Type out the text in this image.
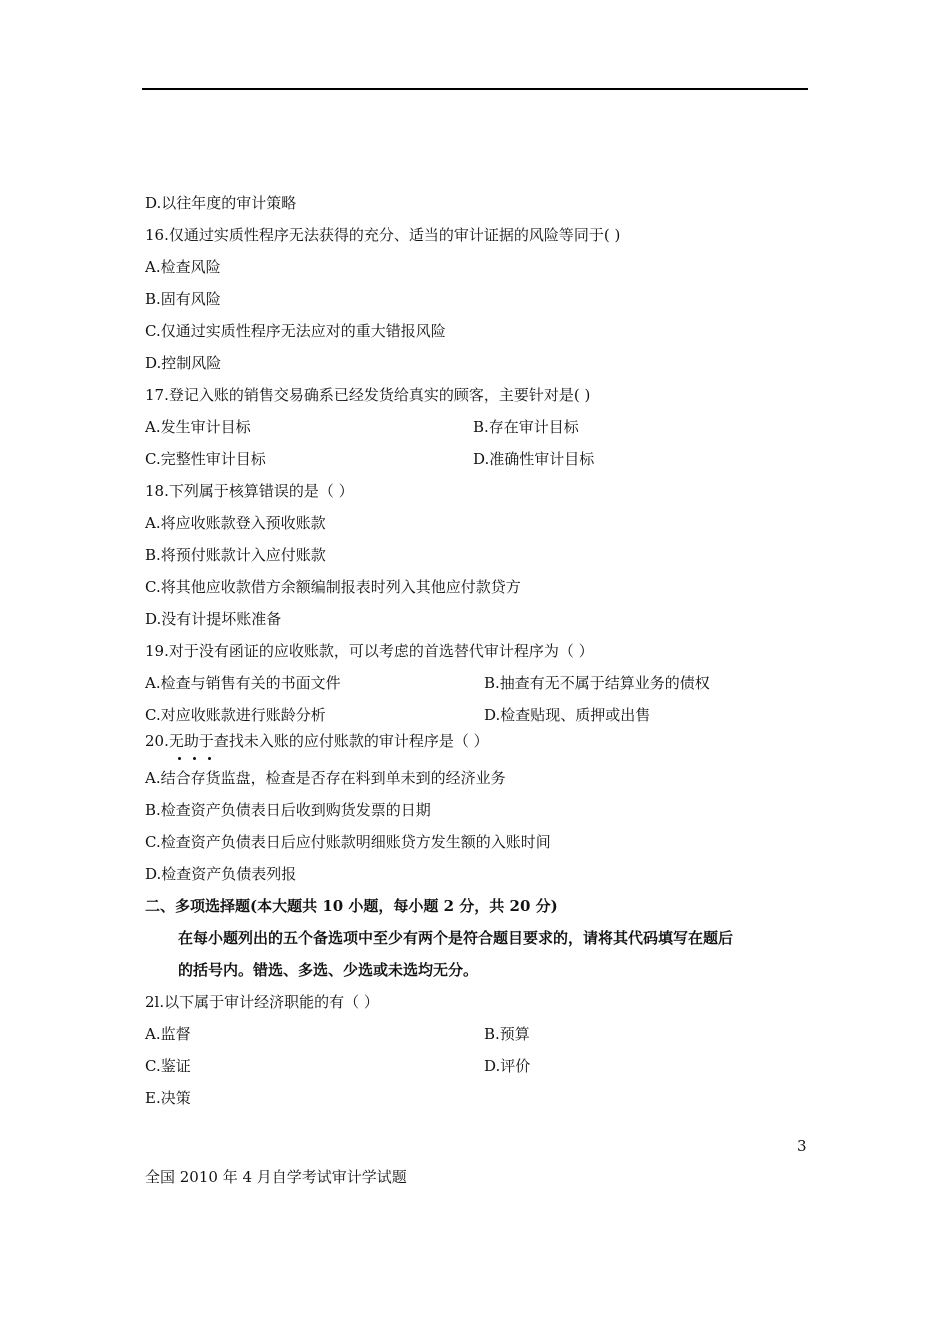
D.以往年度的审计策略
16.仅通过实质性程序无法获得的充分、适当的审计证据的风险等同于( )
A.检查风险
B.固有风险
C.仅通过实质性程序无法应对的重大错报风险
D.控制风险
17.登记入账的销售交易确系已经发货给真实的顾客，主要针对是( )
A.发生审计目标	B.存在审计目标
C.完整性审计目标	D.准确性审计目标
18.下列属于核算错误的是（ ）
A.将应收账款登入预收账款
B.将预付账款计入应付账款
C.将其他应收款借方余额编制报表时列入其他应付款贷方
D.没有计提坏账准备
19.对于没有函证的应收账款，可以考虑的首选替代审计程序为（ ）
A.检查与销售有关的书面文件	B.抽查有无不属于结算业务的债权
C.对应收账款进行账龄分析	D.检查贴现、质押或出售
20.无助于查找未入账的应付账款的审计程序是（ ）
A.结合存货监盘，检查是否存在料到单未到的经济业务
B.检查资产负债表日后收到购货发票的日期
C.检查资产负债表日后应付账款明细账贷方发生额的入账时间
D.检查资产负债表列报
二、多项选择题(本大题共 10 小题，每小题 2 分，共 20 分)
在每小题列出的五个备选项中至少有两个是符合题目要求的，请将其代码填写在题后
的括号内。错选、多选、少选或未选均无分。
2l.以下属于审计经济职能的有（ ）
A.监督	B.预算
C.鉴证	D.评价
E.决策
3
全国 2010 年 4 月自学考试审计学试题
